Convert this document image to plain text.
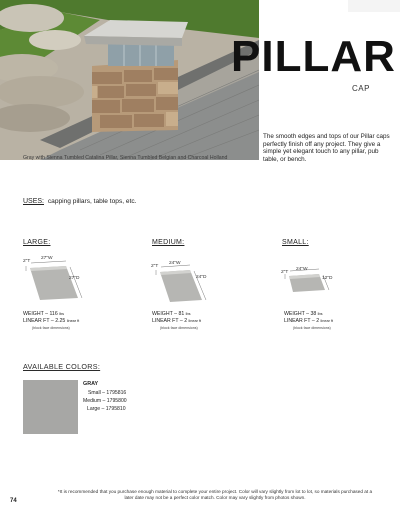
Gray with Sienna Tumbled Catalina Pillar, Sienna Tumbled Belgian and Charcoal Holland
PILLAR
CAP
The smooth edges and tops of our Pillar caps perfectly finish off any project. They give a simple yet elegant touch to any pillar, pub table, or bench.
USES: capping pillars, table tops, etc.
LARGE:
2"T
27"W
27"D
WEIGHT – 116 lbs
LINEAR FT – 2.25 linear ft
(block face dimensions)
MEDIUM:
2"T
24"W
24"D
WEIGHT – 81 lbs
LINEAR FT – 2 linear ft
(block face dimensions)
SMALL:
2"T
24"W
12"D
WEIGHT – 38 lbs
LINEAR FT – 2 linear ft
(block face dimensions)
AVAILABLE COLORS:
GRAY
Small – 1795816
Medium – 1795800
Large – 1795810
*It is recommended that you purchase enough material to complete your entire project. Color will vary slightly from lot to lot, so materials purchased at a later date may not be a perfect color match. Color may vary slightly from photos shown.
74
